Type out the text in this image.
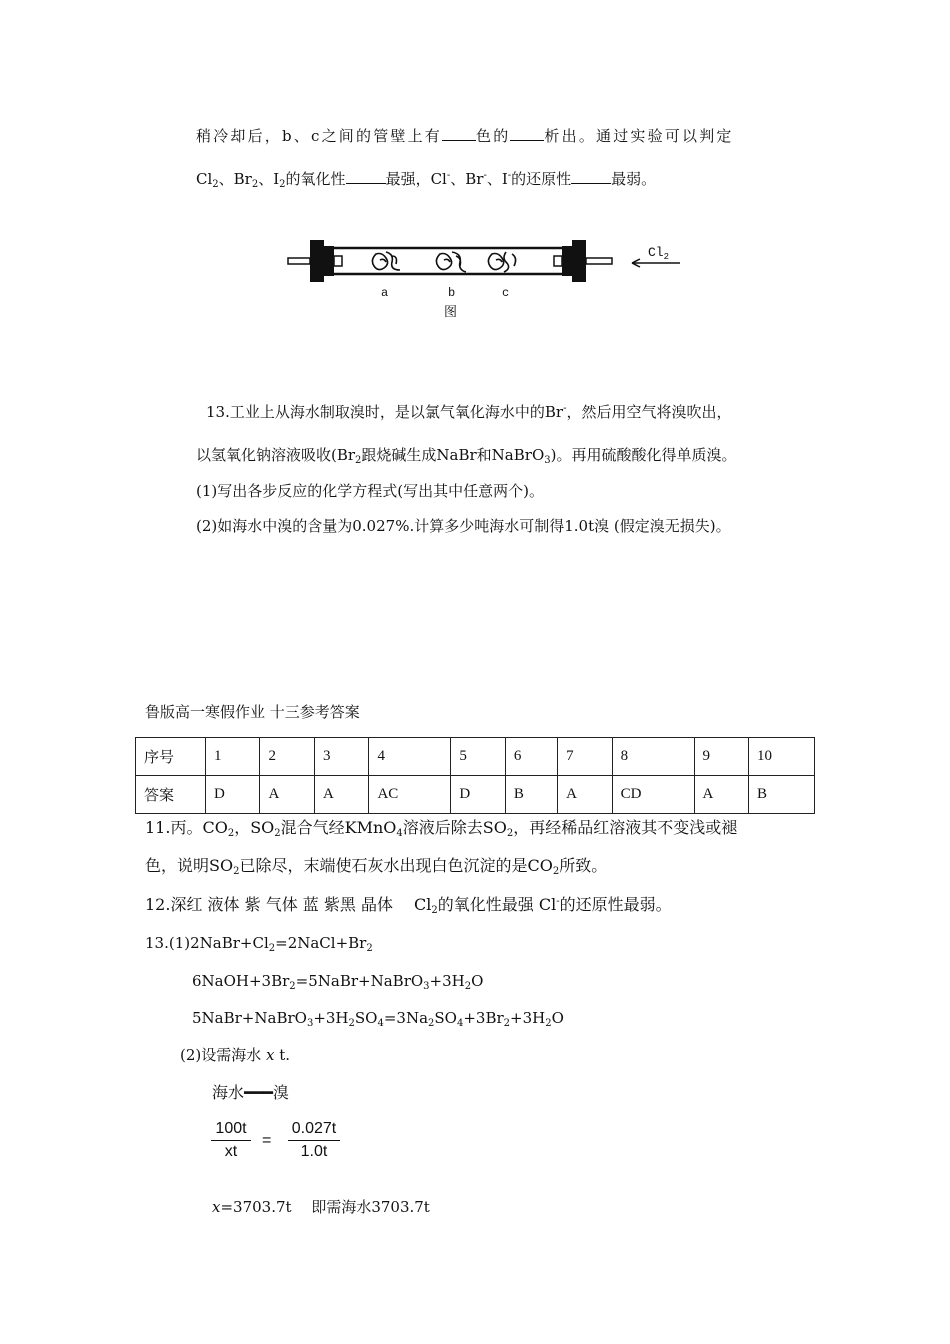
稍冷却后，b、c之间的管壁上有 色的 析出。通过实验可以判定
$Cl_2$、$Br_2$、$I_2$的氧化性	最强，Cl-、Br-、I-的还原性	最弱。
$Cl_2$
a	b	c
图
13.工业上从海水制取溴时，是以氯气氧化海水中的Br-，然后用空气将溴吹出，
以氢氧化钠溶液吸收($Br_2$跟烧碱生成NaBr和NaBrO$_3$)。再用硫酸酸化得单质溴。
(1)写出各步反应的化学方程式(写出其中任意两个)。
(2)如海水中溴的含量为0.027%.计算多少吨海水可制得1.0t溴 (假定溴无损失)。
鲁版高一寒假作业 十三参考答案
序号	1	2	3	4	5	6	7	8	9	10
答案	D	A	A	AC	D	B	A	CD	A	B
11.丙。$CO_2$，$SO_2$混合气经KMnO$_4$溶液后除去$SO_2$，再经稀品红溶液其不变浅或褪
色，说明$SO_2$已除尽，末端使石灰水出现白色沉淀的是$CO_2$所致。
12.深红 液体 紫 气体 蓝 紫黑 晶体　 $Cl_2$的氧化性最强 Cl-的还原性最弱。
$13.(1)2NaBr+Cl_2=2NaCl+Br_2$
$6NaOH+3Br_2=5NaBr+NaBrO_3+3H_2O$
$5NaBr+NaBrO_3+3H_2SO_4=3Na_2SO_4+3Br_2+3H_2O$
(2)设需海水 x t.
海水━━━溴
100t
xt
=
0.027t
1.0t
x=3703.7t　 即需海水3703.7t
